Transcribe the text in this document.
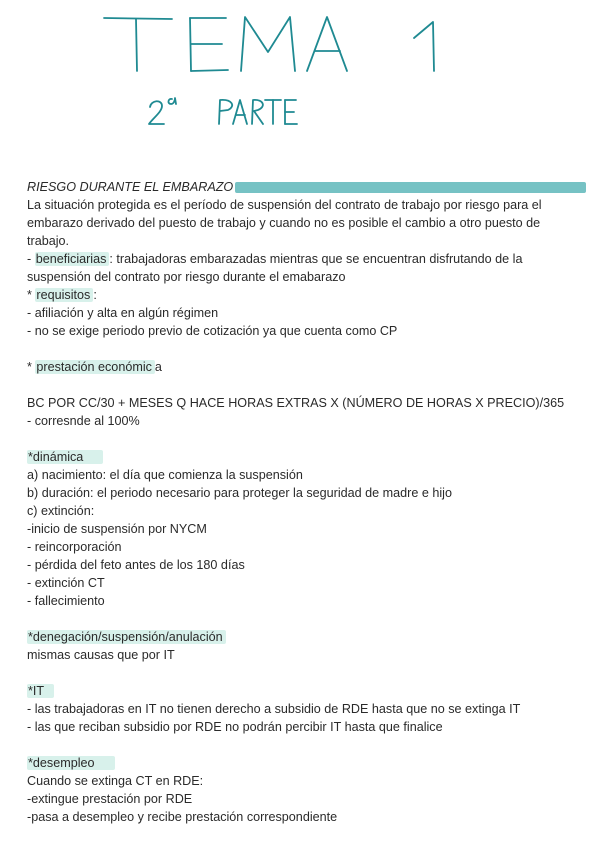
RIESGO DURANTE EL EMBARAZO
La situación protegida es el período de suspensión del contrato de trabajo por riesgo para el
embarazo derivado del puesto de trabajo y cuando no es posible el cambio a otro puesto de
trabajo.
- beneficiarias : trabajadoras embarazadas mientras que se encuentran disfrutando de la
suspensión del contrato por riesgo durante el emabarazo
* requisitos :
- afiliación y alta en algún régimen
- no se exige periodo previo de cotización ya que cuenta como CP
* prestación económic a
BC POR CC/30 + MESES Q HACE HORAS EXTRAS X (NÚMERO DE HORAS X PRECIO)/365
- corresnde al 100%
*dinámica
a) nacimiento: el día que comienza la suspensión
b) duración: el periodo necesario para proteger la seguridad de madre e hijo
c) extinción:
-inicio de suspensión por NYCM
- reincorporación
- pérdida del feto antes de los 180 días
- extinción CT
- fallecimiento
*denegación/suspensión/anulación
mismas causas que por IT
*IT
- las trabajadoras en IT no tienen derecho a subsidio de RDE hasta que no se extinga IT
- las que reciban subsidio por RDE no podrán percibir IT hasta que finalice
*desempleo
Cuando se extinga CT en RDE:
-extingue prestación por RDE
-pasa a desempleo y recibe prestación correspondiente
